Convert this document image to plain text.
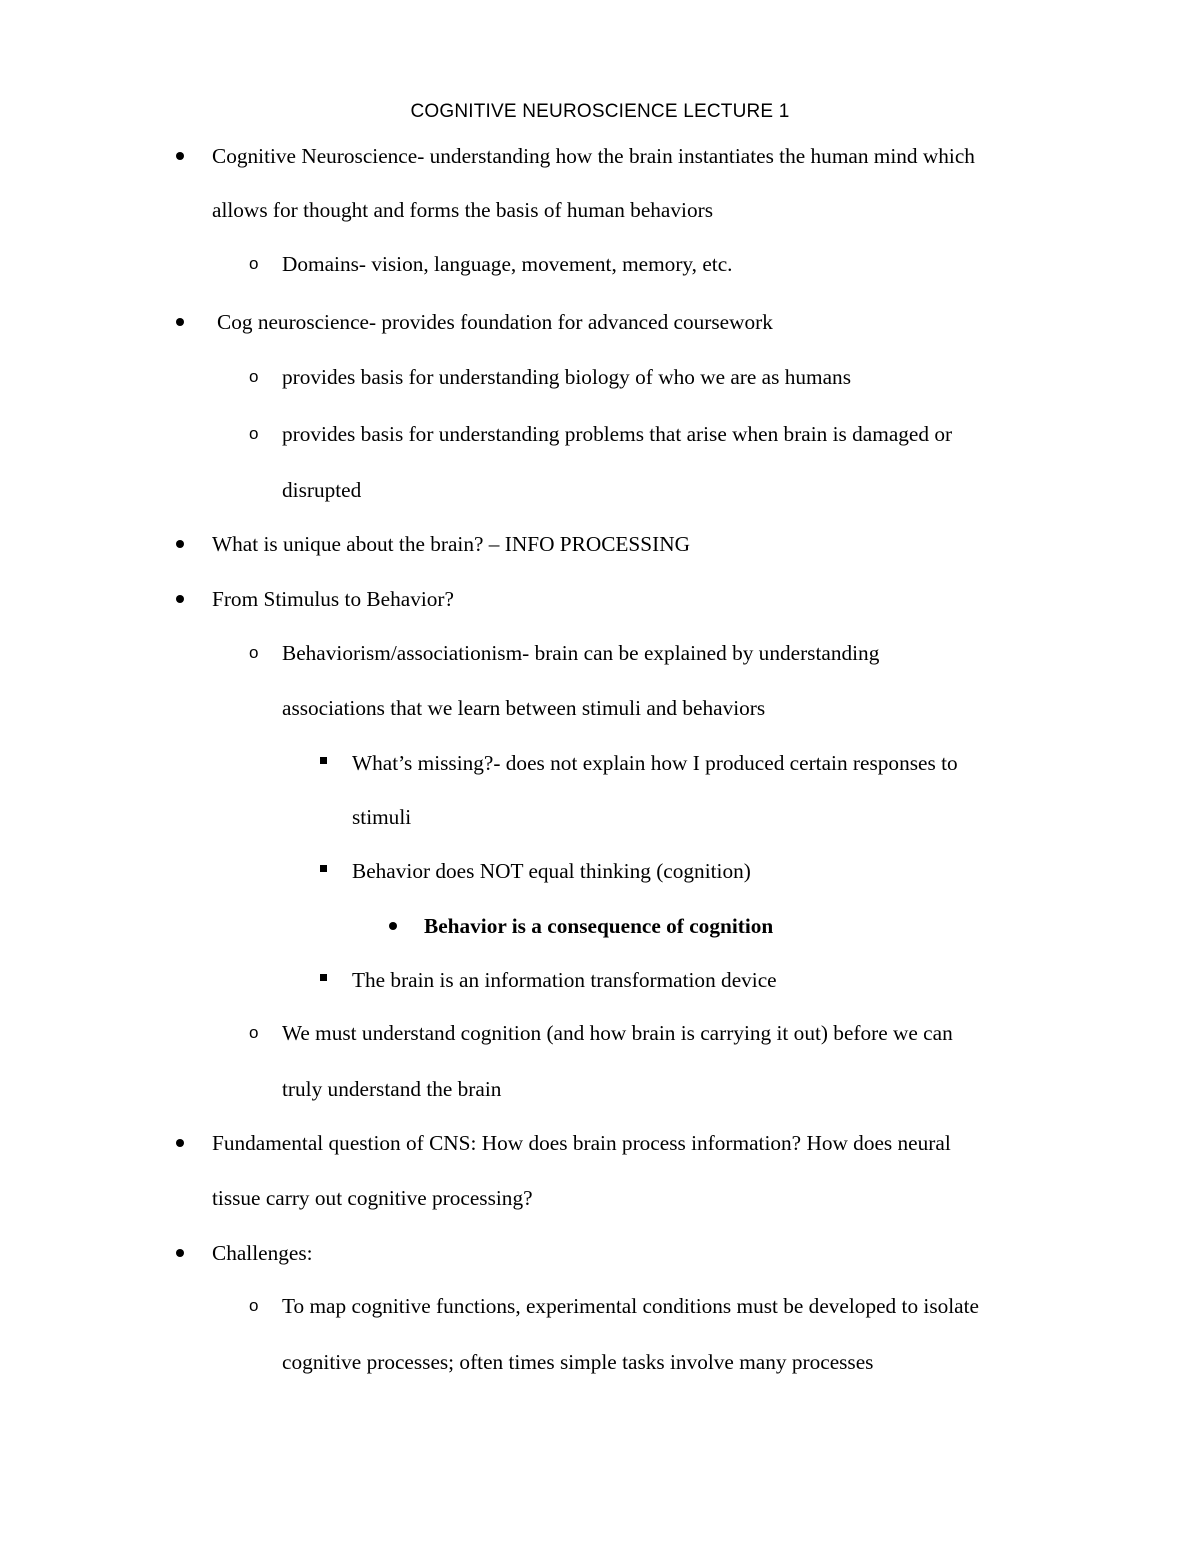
COGNITIVE NEUROSCIENCE LECTURE 1
Cognitive Neuroscience- understanding how the brain instantiates the human mind which
allows for thought and forms the basis of human behaviors
o Domains- vision, language, movement, memory, etc.
Cog neuroscience- provides foundation for advanced coursework
o provides basis for understanding biology of who we are as humans
o provides basis for understanding problems that arise when brain is damaged or
disrupted
What is unique about the brain? – INFO PROCESSING
From Stimulus to Behavior?
o Behaviorism/associationism- brain can be explained by understanding
associations that we learn between stimuli and behaviors
What’s missing?- does not explain how I produced certain responses to
stimuli
Behavior does NOT equal thinking (cognition)
Behavior is a consequence of cognition
The brain is an information transformation device
o We must understand cognition (and how brain is carrying it out) before we can
truly understand the brain
Fundamental question of CNS: How does brain process information? How does neural
tissue carry out cognitive processing?
Challenges:
o To map cognitive functions, experimental conditions must be developed to isolate
cognitive processes; often times simple tasks involve many processes
